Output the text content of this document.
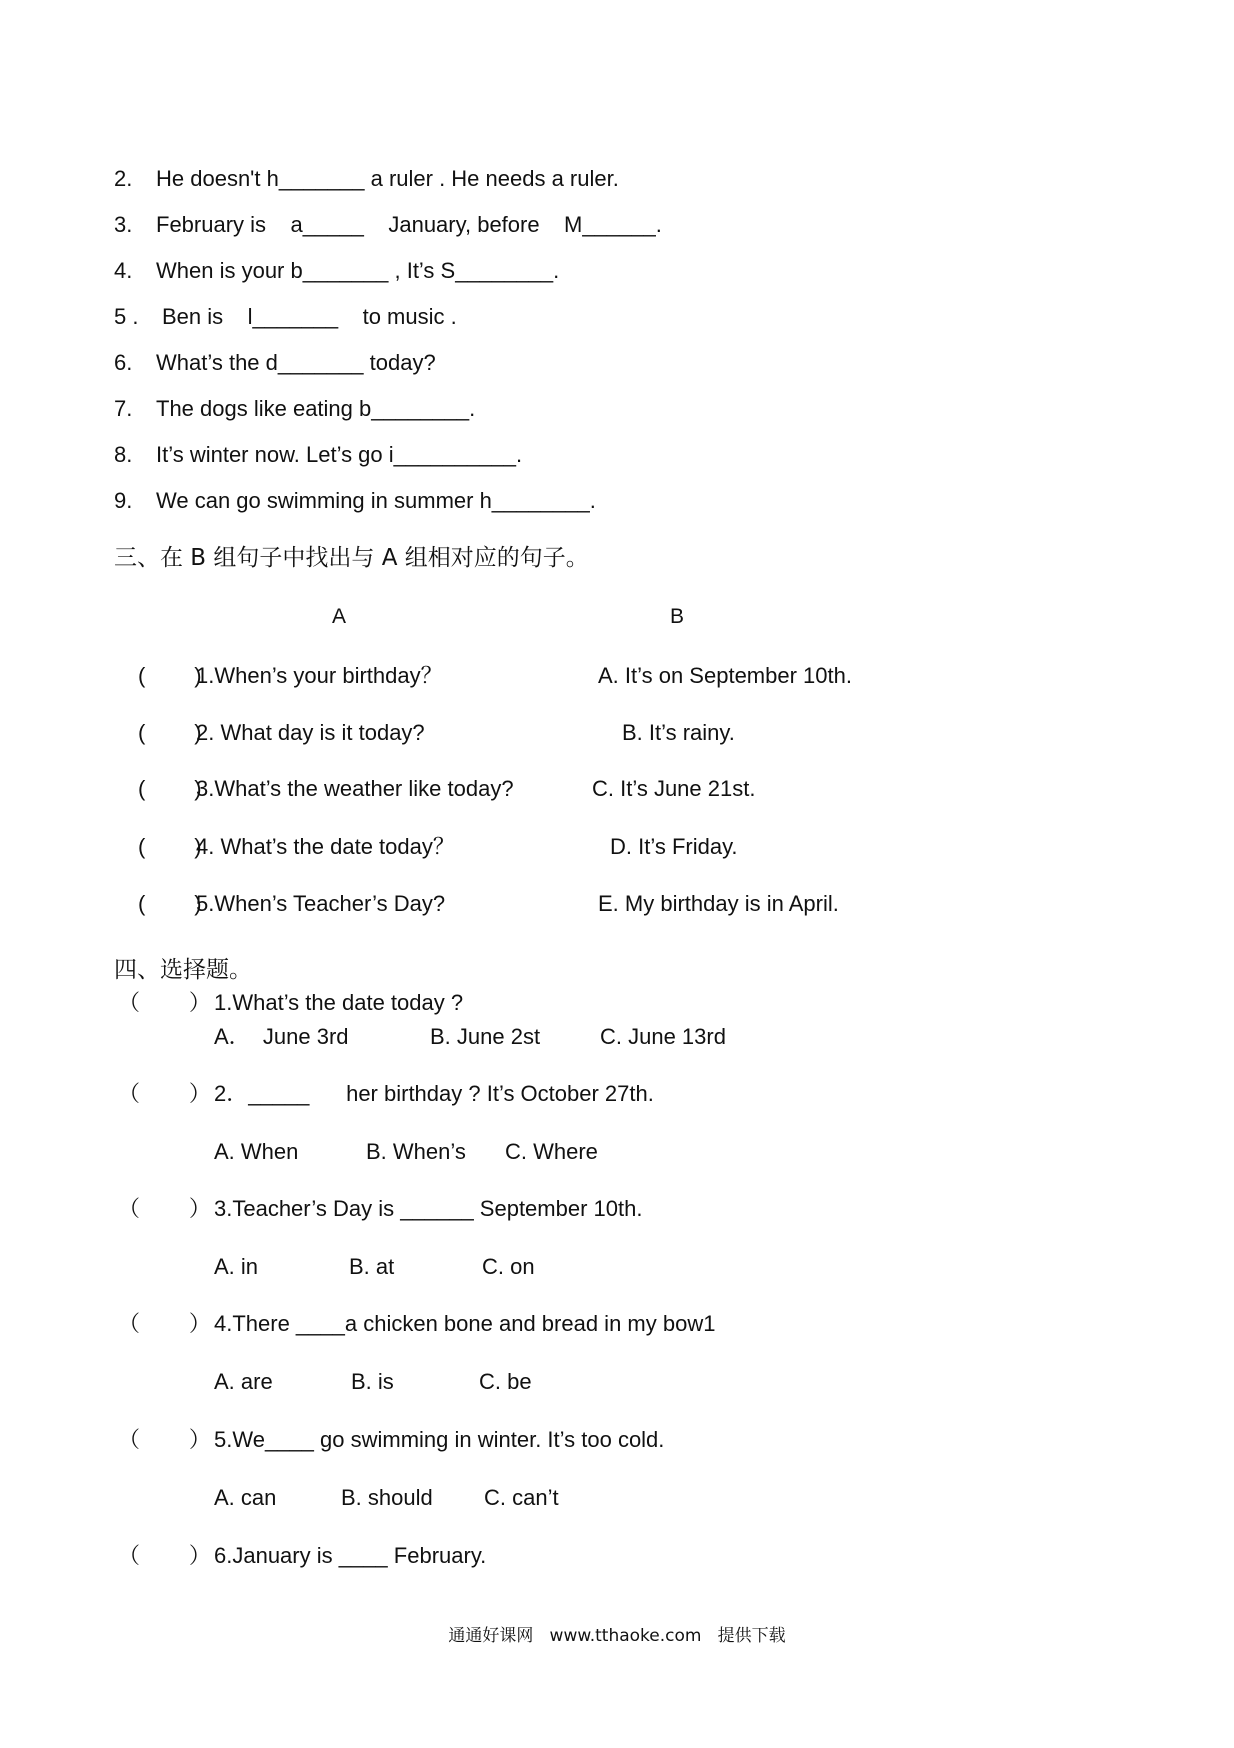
2. He doesn't h_______ a ruler . He needs a ruler.
3. February is    a_____    January, before    M______.
4. When is your b_______ , It’s S________.
5 . Ben is    l_______    to music .
6. What’s the d_______ today?
7. The dogs like eating b________.
8. It’s winter now. Let’s go i__________.
9. We can go swimming in summer h________.
三、在 B 组句子中找出与 A 组相对应的句子。
A	B
(        )
1.When’s your birthday？	A. It’s on September 10th.
(        )
2. What day is it today?	B. It’s rainy.
(        )
3.What’s the weather like today?	C. It’s June 21st.
(        )
4. What’s the date today？	D. It’s Friday.
(        )
5.When’s Teacher’s Day?	E. My birthday is in April.
四、选择题。
（        ） 1.What’s the date today ?
A．  June 3rd	B. June 2st	C. June 13rd
（        ） 2．_____      her birthday ? It’s October 27th.
A. When	B. When’s C. Where
（        ） 3.Teacher’s Day is ______ September 10th.
A. in	B. at	C. on
（        ） 4.There ____a chicken bone and bread in my bow1
A. are	B. is	C. be
（        ） 5.We____ go swimming in winter. It’s too cold.
A. can	B. should C. can’t
（        ） 6.January is ____ February.
通通好课网   www.tthaoke.com   提供下载
